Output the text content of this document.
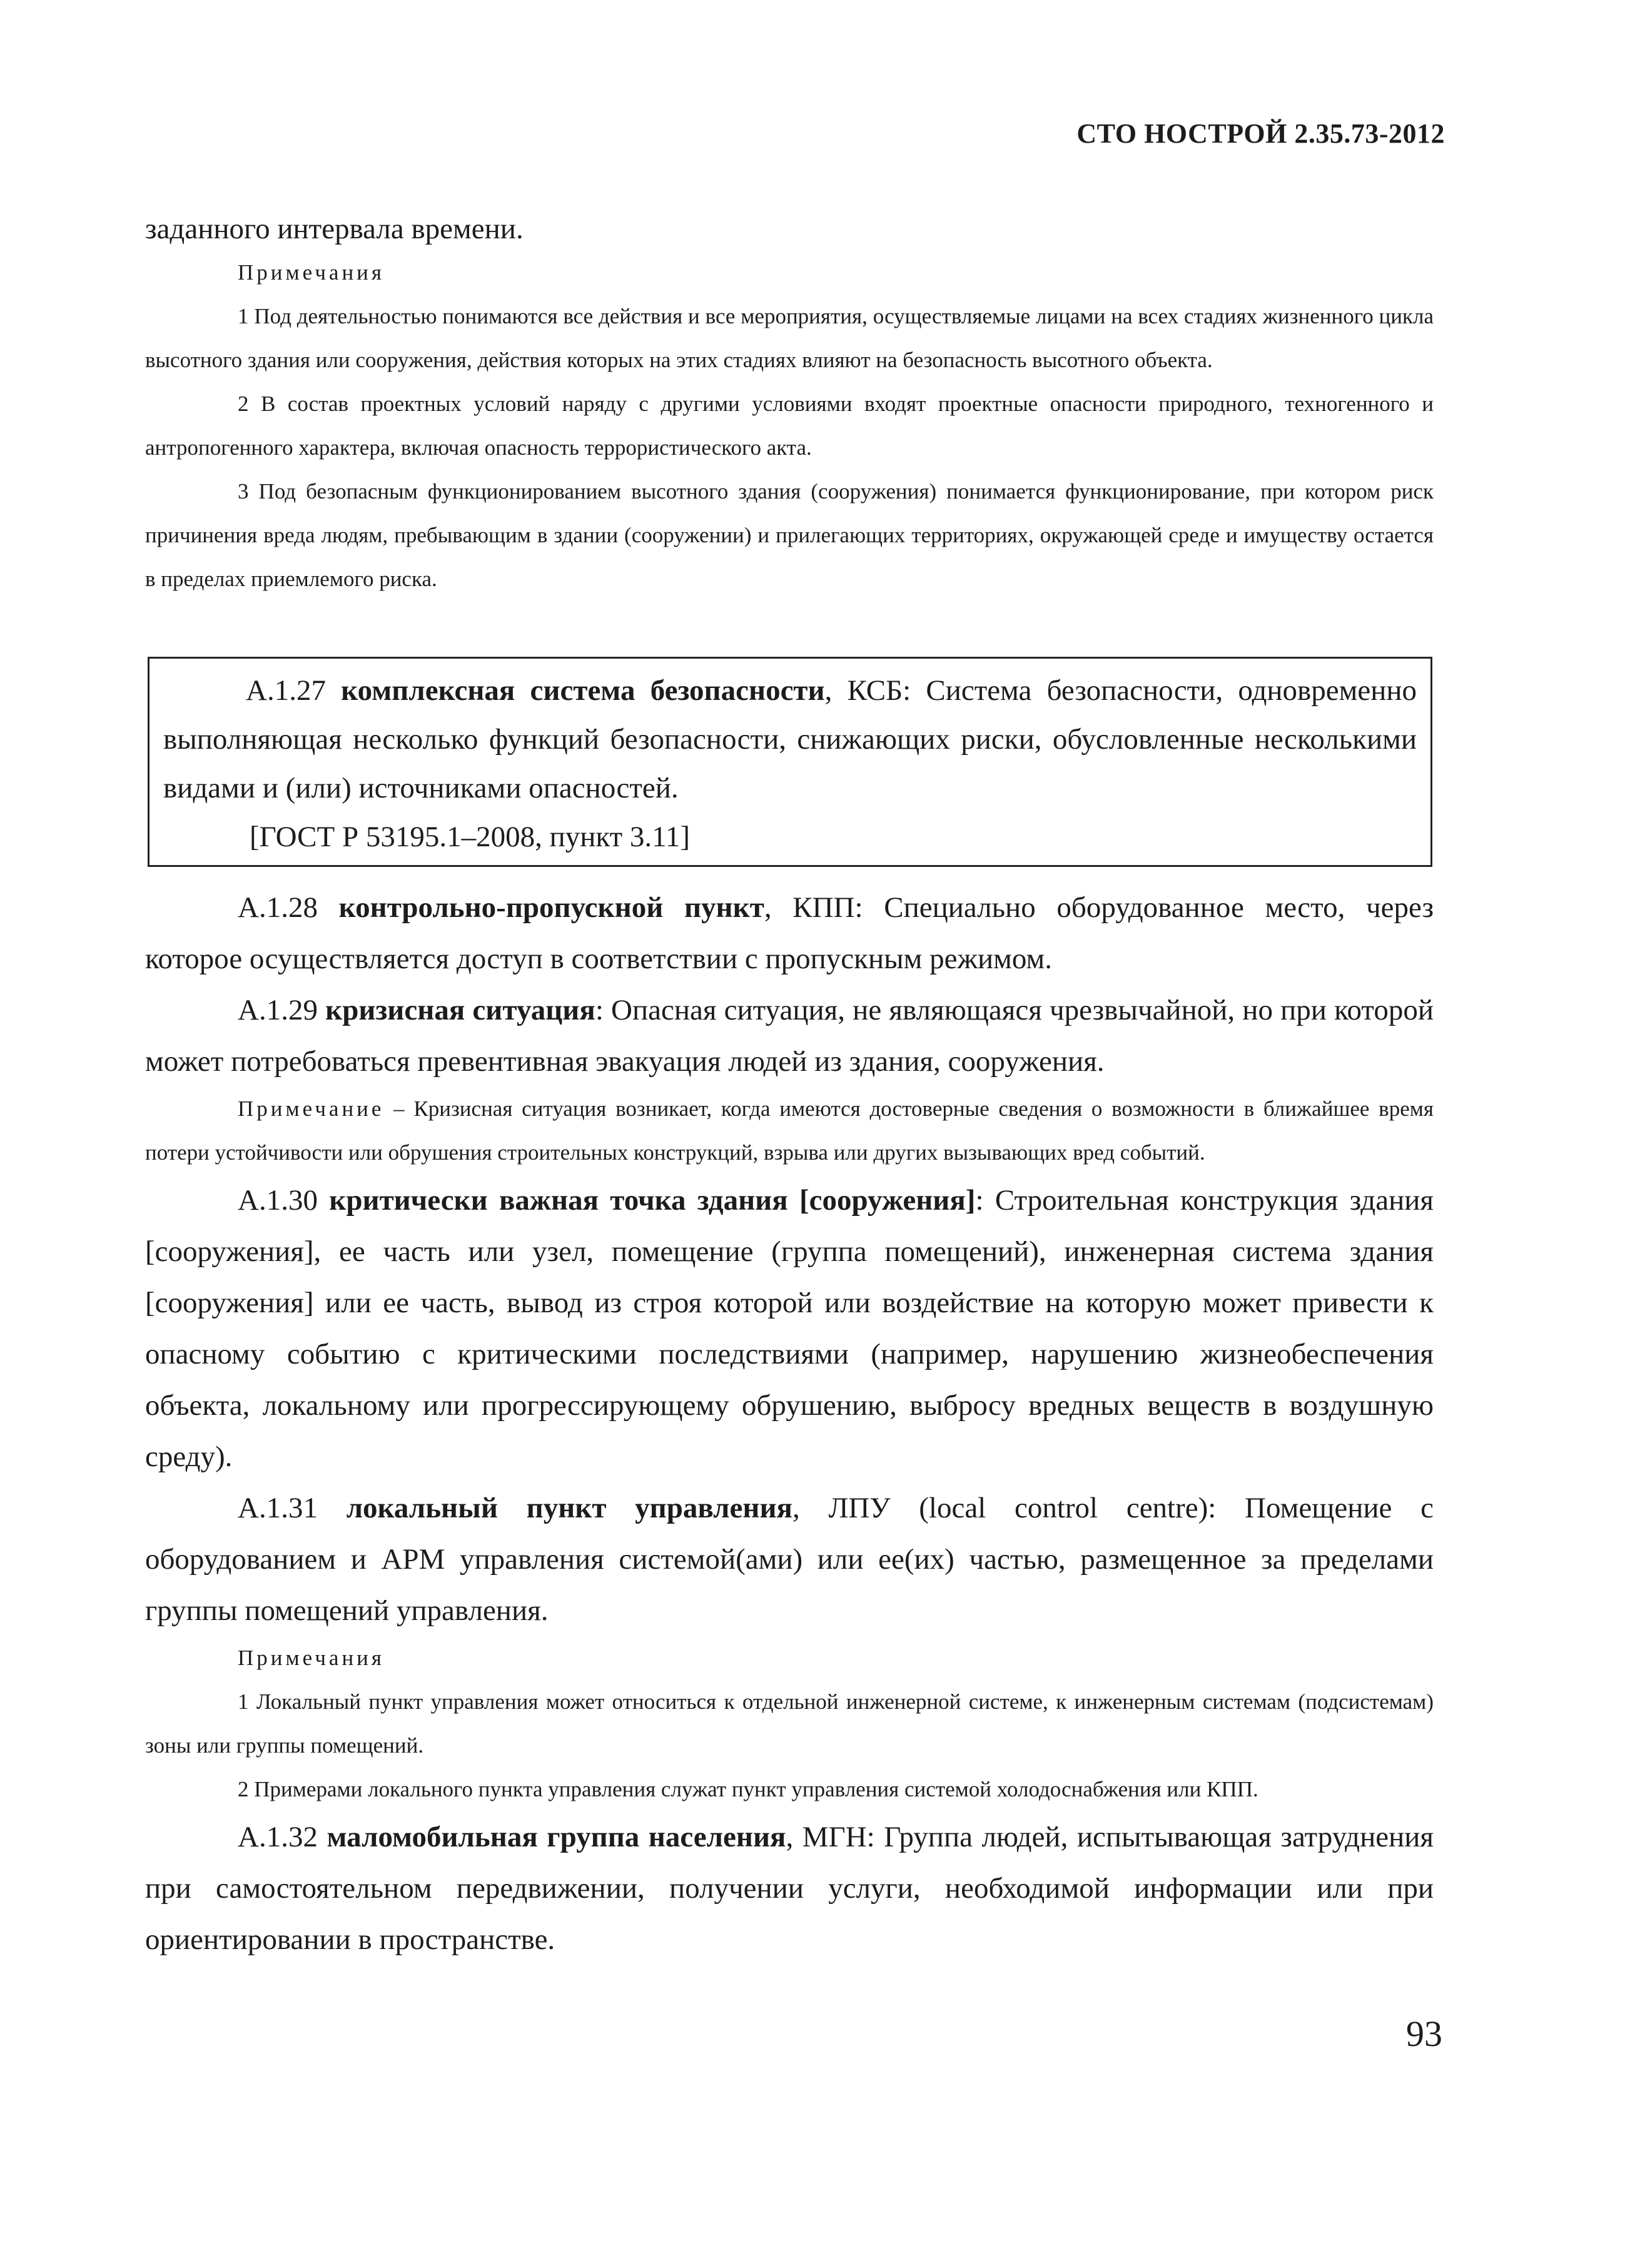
СТО НОСТРОЙ 2.35.73-2012

заданного интервала времени.

Примечания

1 Под деятельностью понимаются все действия и все мероприятия, осуществляемые лицами на всех стадиях жизненного цикла высотного здания или сооружения, действия которых на этих стадиях влияют на безопасность высотного объекта.

2 В состав проектных условий наряду с другими условиями входят проектные опасности природного, техногенного и антропогенного характера, включая опасность террористического акта.

3 Под безопасным функционированием высотного здания (сооружения) понимается функционирование, при котором риск причинения вреда людям, пребывающим в здании (сооружении) и прилегающих территориях, окружающей среде и имуществу остается в пределах приемлемого риска.

А.1.27 комплексная система безопасности, КСБ: Система безопасности, одновременно выполняющая несколько функций безопасности, снижающих риски, обусловленные несколькими видами и (или) источниками опасностей.

[ГОСТ Р 53195.1–2008, пункт 3.11]

А.1.28 контрольно-пропускной пункт, КПП: Специально оборудованное место, через которое осуществляется доступ в соответствии с пропускным режимом.

А.1.29 кризисная ситуация: Опасная ситуация, не являющаяся чрезвычайной, но при которой может потребоваться превентивная эвакуация людей из здания, сооружения.

Примечание – Кризисная ситуация возникает, когда имеются достоверные сведения о возможности в ближайшее время потери устойчивости или обрушения строительных конструкций, взрыва или других вызывающих вред событий.

А.1.30 критически важная точка здания [сооружения]: Строительная конструкция здания [сооружения], ее часть или узел, помещение (группа помещений), инженерная система здания [сооружения] или ее часть, вывод из строя которой или воздействие на которую может привести к опасному событию с критическими последствиями (например, нарушению жизнеобеспечения объекта, локальному или прогрессирующему обрушению, выбросу вредных веществ в воздушную среду).

А.1.31 локальный пункт управления, ЛПУ (local control centre): Помещение с оборудованием и АРМ управления системой(ами) или ее(их) частью, размещенное за пределами группы помещений управления.

Примечания

1 Локальный пункт управления может относиться к отдельной инженерной системе, к инженерным системам (подсистемам) зоны или группы помещений.

2 Примерами локального пункта управления служат пункт управления системой холодоснабжения или КПП.

А.1.32 маломобильная группа населения, МГН: Группа людей, испытывающая затруднения при самостоятельном передвижении, получении услуги, необходимой информации или при ориентировании в пространстве.

93
